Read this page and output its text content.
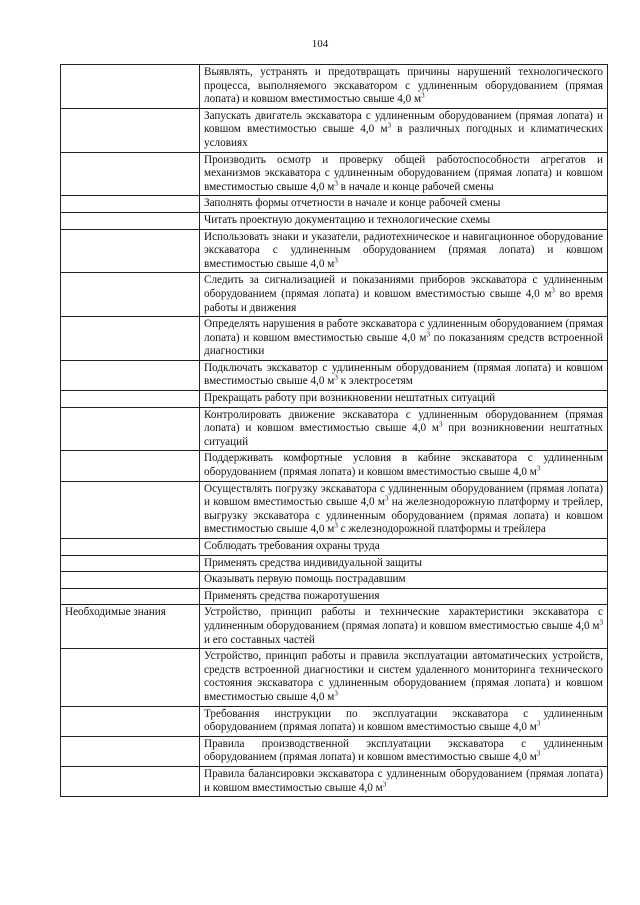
104
	Выявлять, устранять и предотвращать причины нарушений технологического процесса, выполняемого экскаватором с удлиненным оборудованием (прямая лопата) и ковшом вместимостью свыше 4,0 $м^3$
	Запускать двигатель экскаватора с удлиненным оборудованием (прямая лопата) и ковшом вместимостью свыше 4,0 $м^3$ в различных погодных и климатических условиях
	Производить осмотр и проверку общей работоспособности агрегатов и механизмов экскаватора с удлиненным оборудованием (прямая лопата) и ковшом вместимостью свыше 4,0 $м^3$ в начале и конце рабочей смены
	Заполнять формы отчетности в начале и конце рабочей смены
	Читать проектную документацию и технологические схемы
	Использовать знаки и указатели, радиотехническое и навигационное оборудование экскаватора с удлиненным оборудованием (прямая лопата) и ковшом вместимостью свыше 4,0 $м^3$
	Следить за сигнализацией и показаниями приборов экскаватора с удлиненным оборудованием (прямая лопата) и ковшом вместимостью свыше 4,0 $м^3$ во время работы и движения
	Определять нарушения в работе экскаватора с удлиненным оборудованием (прямая лопата) и ковшом вместимостью свыше 4,0 $м^3$ по показаниям средств встроенной диагностики
	Подключать экскаватор с удлиненным оборудованием (прямая лопата) и ковшом вместимостью свыше 4,0 $м^3$ к электросетям
	Прекращать работу при возникновении нештатных ситуаций
	Контролировать движение экскаватора с удлиненным оборудованием (прямая лопата) и ковшом вместимостью свыше 4,0 $м^3$ при возникновении нештатных ситуаций
	Поддерживать комфортные условия в кабине экскаватора с удлиненным оборудованием (прямая лопата) и ковшом вместимостью свыше 4,0 $м^3$
	Осуществлять погрузку экскаватора с удлиненным оборудованием (прямая лопата) и ковшом вместимостью свыше 4,0 $м^3$ на железнодорожную платформу и трейлер, выгрузку экскаватора с удлиненным оборудованием (прямая лопата) и ковшом вместимостью свыше 4,0 $м^3$ с железнодорожной платформы и трейлера
	Соблюдать требования охраны труда
	Применять средства индивидуальной защиты
	Оказывать первую помощь пострадавшим
	Применять средства пожаротушения
Необходимые знания	Устройство, принцип работы и технические характеристики экскаватора с удлиненным оборудованием (прямая лопата) и ковшом вместимостью свыше 4,0 $м^3$ и его составных частей
	Устройство, принцип работы и правила эксплуатации автоматических устройств, средств встроенной диагностики и систем удаленного мониторинга технического состояния экскаватора с удлиненным оборудованием (прямая лопата) и ковшом вместимостью свыше 4,0 $м^3$
	Требования инструкции по эксплуатации экскаватора с удлиненным оборудованием (прямая лопата) и ковшом вместимостью свыше 4,0 $м^3$
	Правила производственной эксплуатации экскаватора с удлиненным оборудованием (прямая лопата) и ковшом вместимостью свыше 4,0 $м^3$
	Правила балансировки экскаватора с удлиненным оборудованием (прямая лопата) и ковшом вместимостью свыше 4,0 $м^3$
